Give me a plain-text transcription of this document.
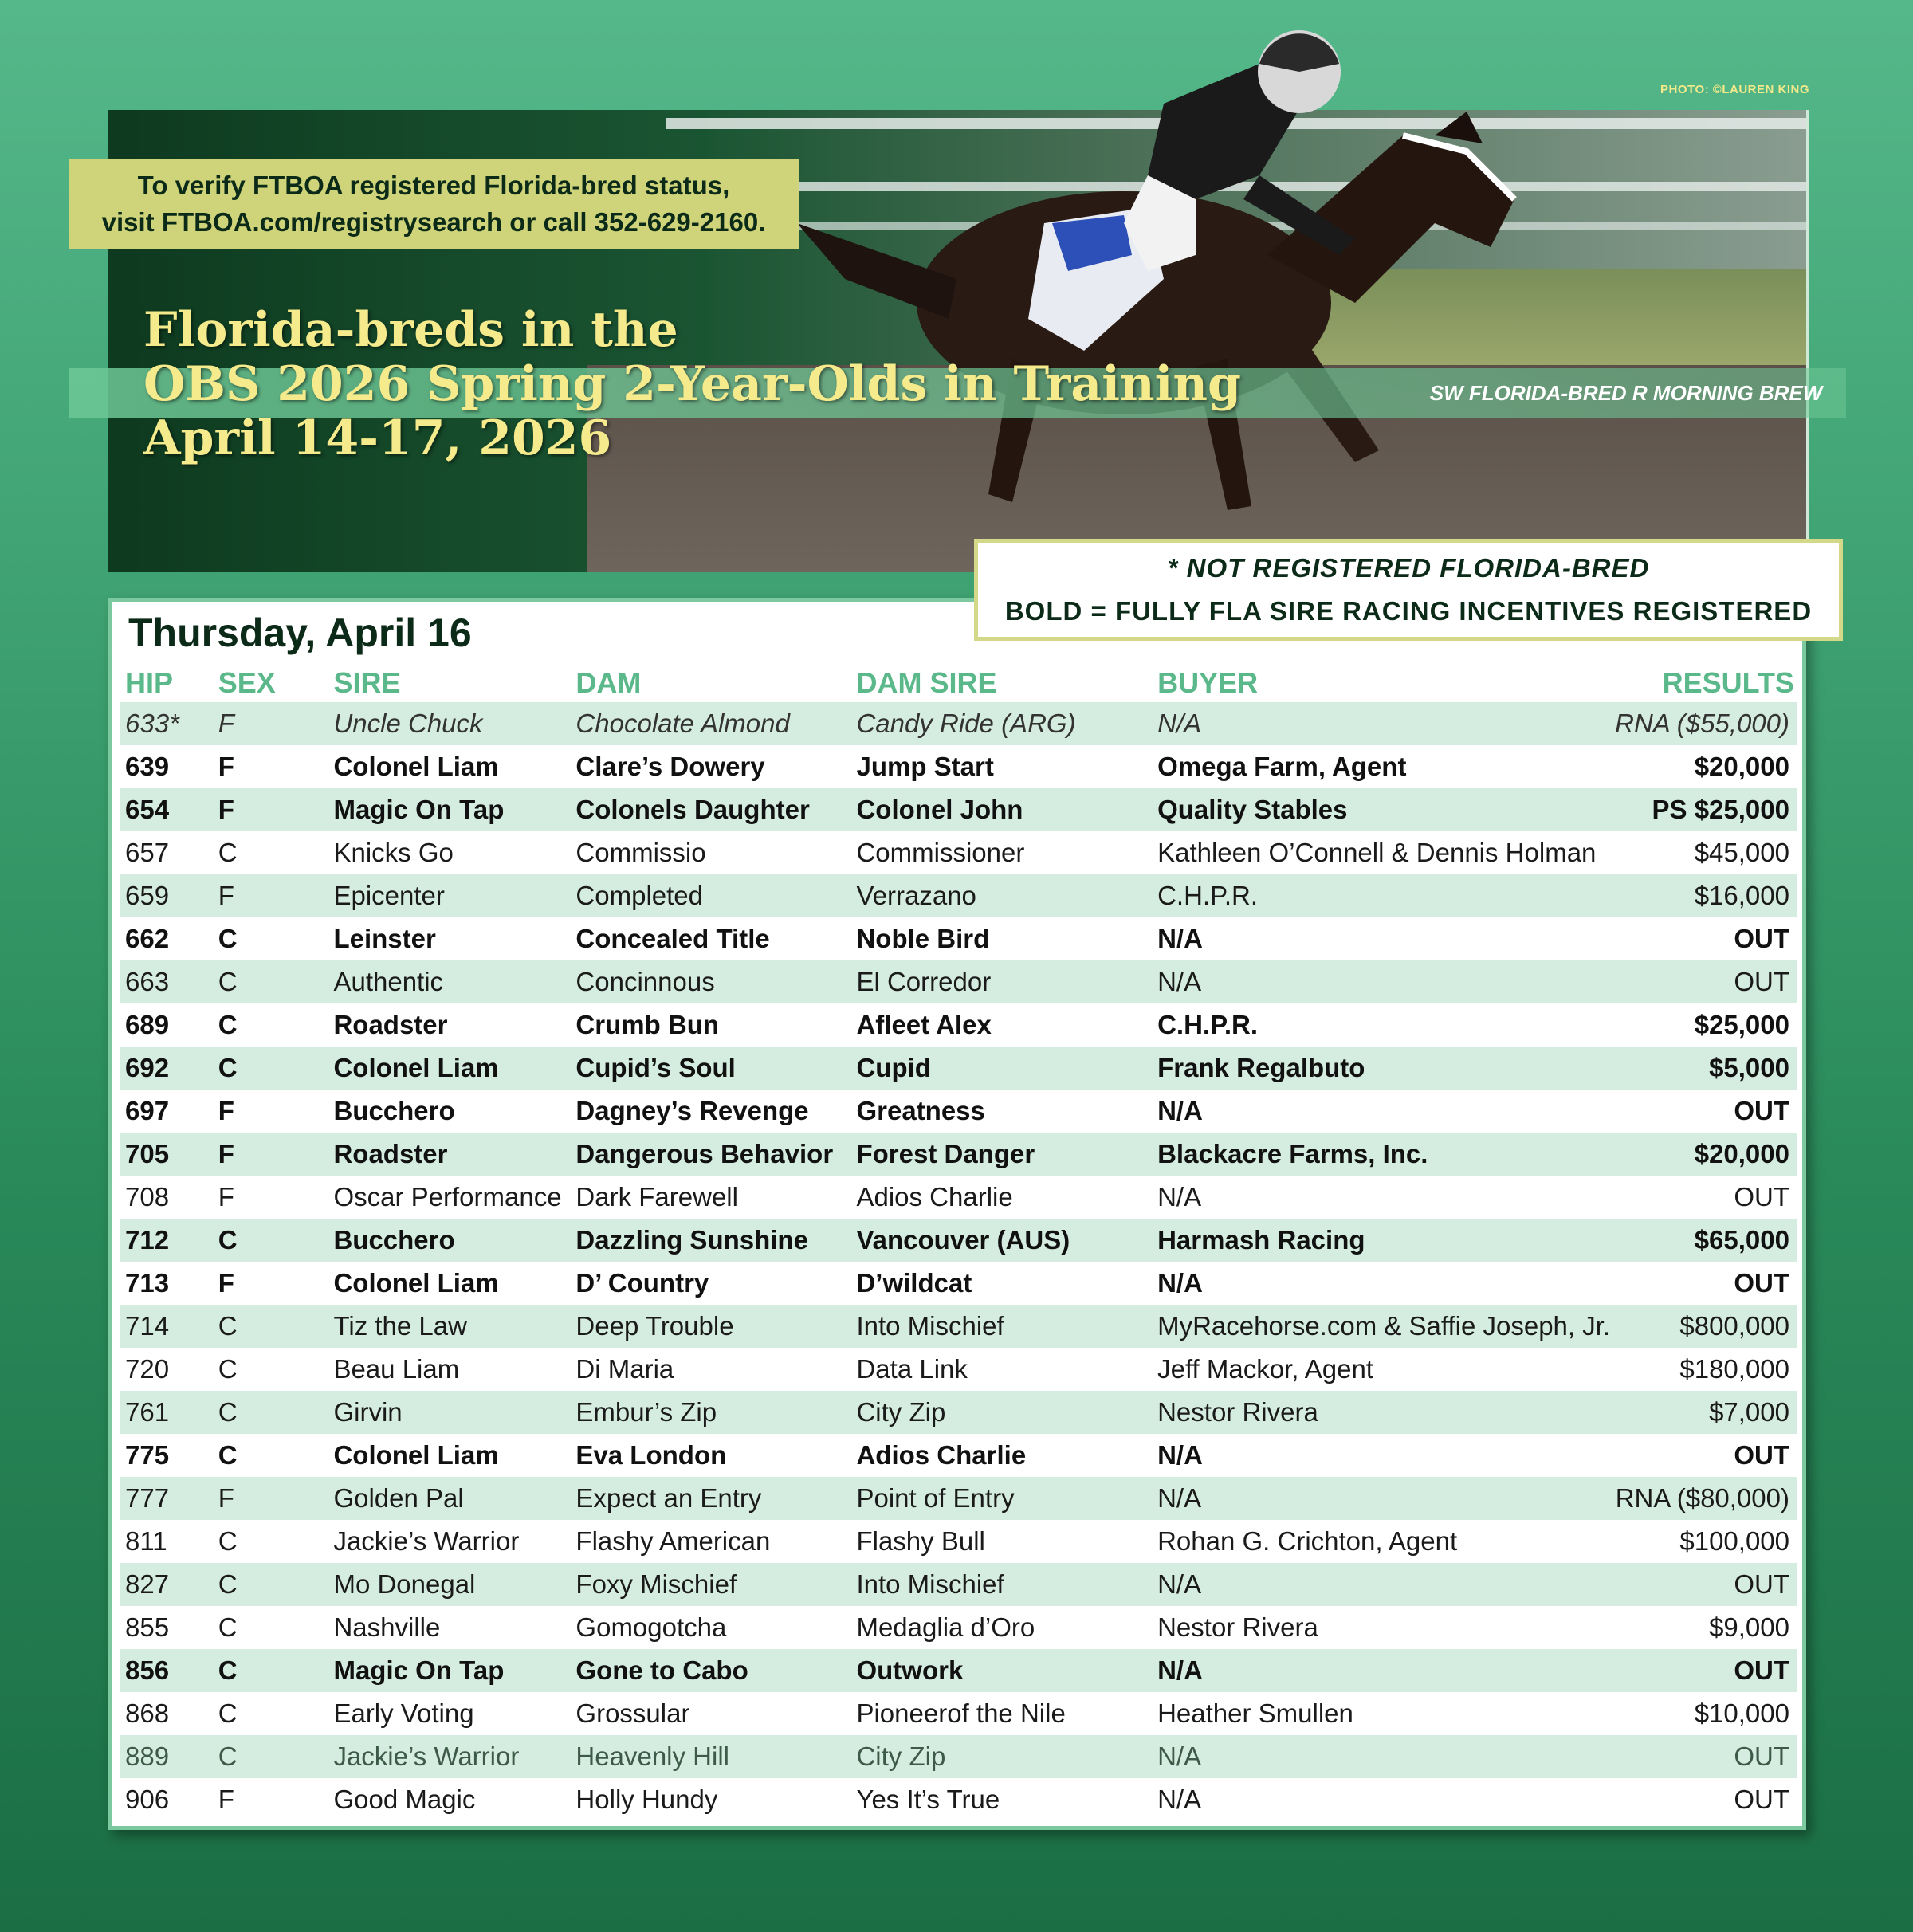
PHOTO: ©LAUREN KING
To verify FTBOA registered Florida-bred status,
visit FTBOA.com/registrysearch or call 352-629-2160.
Florida-breds in the
OBS 2026 Spring 2-Year-Olds in Training
April 14-17, 2026
SW FLORIDA-BRED R MORNING BREW
Thursday, April 16
HIP	SEX	SIRE	DAM	DAM SIRE	BUYER	RESULTS
633*	F	Uncle Chuck	Chocolate Almond	Candy Ride (ARG)	N/A	RNA ($55,000)
639	F	Colonel Liam	Clare’s Dowery	Jump Start	Omega Farm, Agent	$20,000
654	F	Magic On Tap	Colonels Daughter	Colonel John	Quality Stables	PS $25,000
657	C	Knicks Go	Commissio	Commissioner	Kathleen O’Connell & Dennis Holman	$45,000
659	F	Epicenter	Completed	Verrazano	C.H.P.R.	$16,000
662	C	Leinster	Concealed Title	Noble Bird	N/A	OUT
663	C	Authentic	Concinnous	El Corredor	N/A	OUT
689	C	Roadster	Crumb Bun	Afleet Alex	C.H.P.R.	$25,000
692	C	Colonel Liam	Cupid’s Soul	Cupid	Frank Regalbuto	$5,000
697	F	Bucchero	Dagney’s Revenge	Greatness	N/A	OUT
705	F	Roadster	Dangerous Behavior	Forest Danger	Blackacre Farms, Inc.	$20,000
708	F	Oscar Performance	Dark Farewell	Adios Charlie	N/A	OUT
712	C	Bucchero	Dazzling Sunshine	Vancouver (AUS)	Harmash Racing	$65,000
713	F	Colonel Liam	D’ Country	D’wildcat	N/A	OUT
714	C	Tiz the Law	Deep Trouble	Into Mischief	MyRacehorse.com & Saffie Joseph, Jr.	$800,000
720	C	Beau Liam	Di Maria	Data Link	Jeff Mackor, Agent	$180,000
761	C	Girvin	Embur’s Zip	City Zip	Nestor Rivera	$7,000
775	C	Colonel Liam	Eva London	Adios Charlie	N/A	OUT
777	F	Golden Pal	Expect an Entry	Point of Entry	N/A	RNA ($80,000)
811	C	Jackie’s Warrior	Flashy American	Flashy Bull	Rohan G. Crichton, Agent	$100,000
827	C	Mo Donegal	Foxy Mischief	Into Mischief	N/A	OUT
855	C	Nashville	Gomogotcha	Medaglia d’Oro	Nestor Rivera	$9,000
856	C	Magic On Tap	Gone to Cabo	Outwork	N/A	OUT
868	C	Early Voting	Grossular	Pioneerof the Nile	Heather Smullen	$10,000
889	C	Jackie’s Warrior	Heavenly Hill	City Zip	N/A	OUT
906	F	Good Magic	Holly Hundy	Yes It’s True	N/A	OUT
* NOT REGISTERED FLORIDA-BRED
BOLD = FULLY FLA SIRE RACING INCENTIVES REGISTERED
